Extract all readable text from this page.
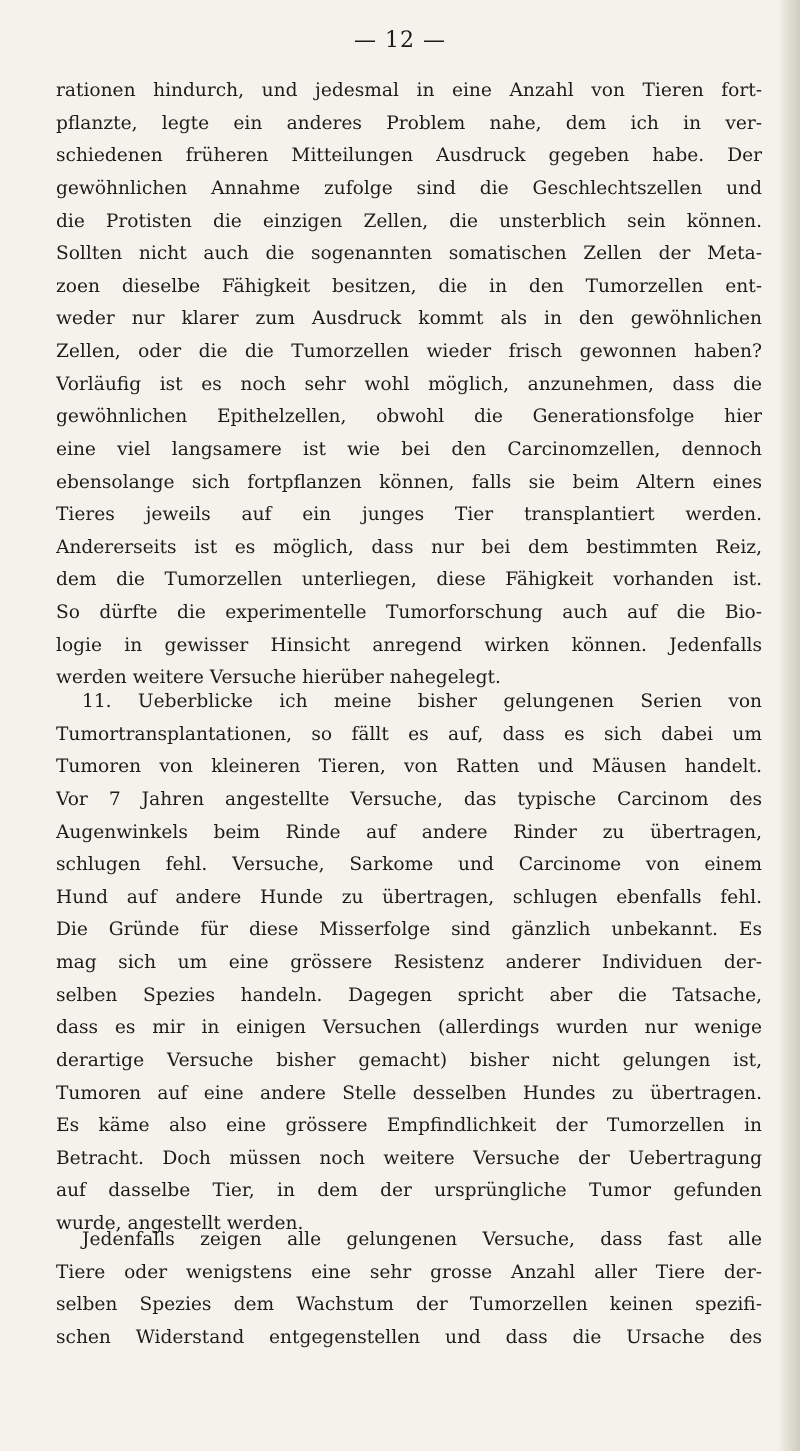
— 12 —
rationen hindurch, und jedesmal in eine Anzahl von Tieren fort-
pflanzte, legte ein anderes Problem nahe, dem ich in ver-
schiedenen früheren Mitteilungen Ausdruck gegeben habe. Der
gewöhnlichen Annahme zufolge sind die Geschlechtszellen und
die Protisten die einzigen Zellen, die unsterblich sein können.
Sollten nicht auch die sogenannten somatischen Zellen der Meta-
zoen dieselbe Fähigkeit besitzen, die in den Tumorzellen ent-
weder nur klarer zum Ausdruck kommt als in den gewöhnlichen
Zellen, oder die die Tumorzellen wieder frisch gewonnen haben?
Vorläufig ist es noch sehr wohl möglich, anzunehmen, dass die
gewöhnlichen Epithelzellen, obwohl die Generationsfolge hier
eine viel langsamere ist wie bei den Carcinomzellen, dennoch
ebensolange sich fortpflanzen können, falls sie beim Altern eines
Tieres jeweils auf ein junges Tier transplantiert werden.
Andererseits ist es möglich, dass nur bei dem bestimmten Reiz,
dem die Tumorzellen unterliegen, diese Fähigkeit vorhanden ist.
So dürfte die experimentelle Tumorforschung auch auf die Bio-
logie in gewisser Hinsicht anregend wirken können. Jedenfalls
werden weitere Versuche hierüber nahegelegt.
11. Ueberblicke ich meine bisher gelungenen Serien von
Tumortransplantationen, so fällt es auf, dass es sich dabei um
Tumoren von kleineren Tieren, von Ratten und Mäusen handelt.
Vor 7 Jahren angestellte Versuche, das typische Carcinom des
Augenwinkels beim Rinde auf andere Rinder zu übertragen,
schlugen fehl. Versuche, Sarkome und Carcinome von einem
Hund auf andere Hunde zu übertragen, schlugen ebenfalls fehl.
Die Gründe für diese Misserfolge sind gänzlich unbekannt. Es
mag sich um eine grössere Resistenz anderer Individuen der-
selben Spezies handeln. Dagegen spricht aber die Tatsache,
dass es mir in einigen Versuchen (allerdings wurden nur wenige
derartige Versuche bisher gemacht) bisher nicht gelungen ist,
Tumoren auf eine andere Stelle desselben Hundes zu übertragen.
Es käme also eine grössere Empfindlichkeit der Tumorzellen in
Betracht. Doch müssen noch weitere Versuche der Uebertragung
auf dasselbe Tier, in dem der ursprüngliche Tumor gefunden
wurde, angestellt werden.
Jedenfalls zeigen alle gelungenen Versuche, dass fast alle
Tiere oder wenigstens eine sehr grosse Anzahl aller Tiere der-
selben Spezies dem Wachstum der Tumorzellen keinen spezifi-
schen Widerstand entgegenstellen und dass die Ursache des
